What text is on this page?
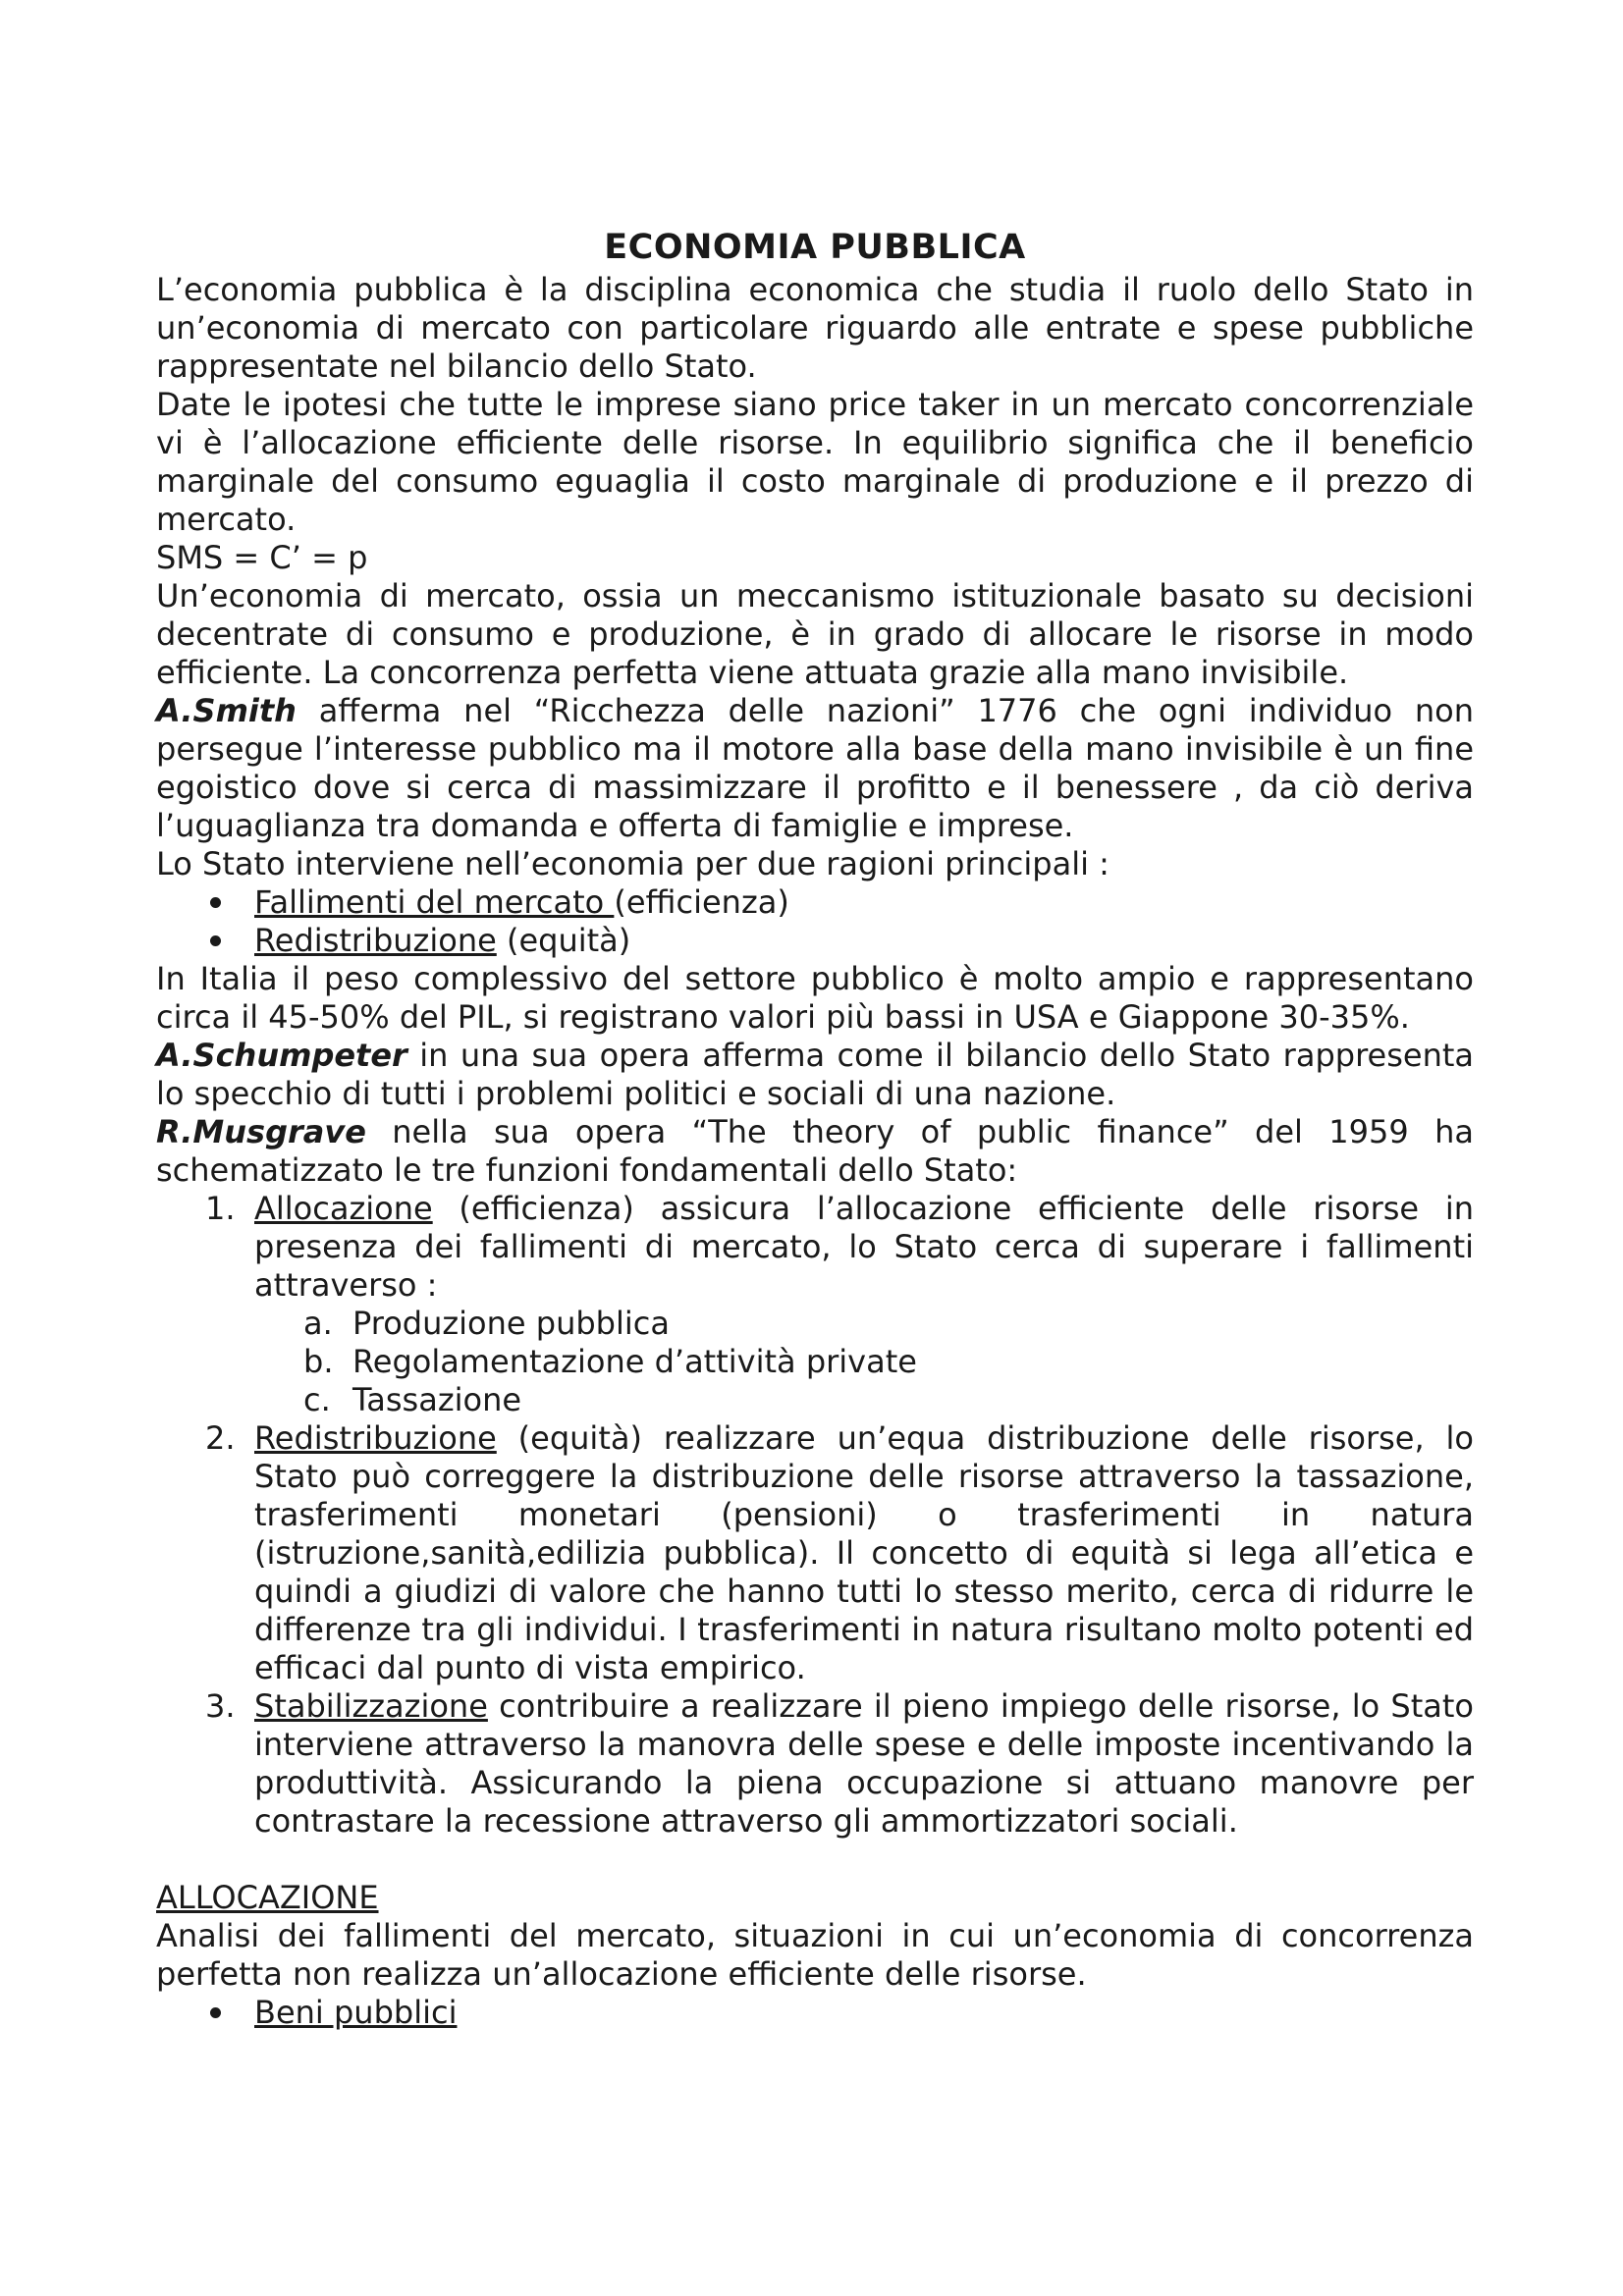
ECONOMIA PUBBLICA

L’economia pubblica è la disciplina economica che studia il ruolo dello Stato in un’economia di mercato con particolare riguardo alle entrate e spese pubbliche rappresentate nel bilancio dello Stato.

Date le ipotesi che tutte le imprese siano price taker in un mercato concorrenziale vi è l’allocazione efficiente delle risorse. In equilibrio significa che il beneficio marginale del consumo eguaglia il costo marginale di produzione e il prezzo di mercato.

SMS = C’ = p

Un’economia di mercato, ossia un meccanismo istituzionale basato su decisioni decentrate di consumo e produzione, è in grado di allocare le risorse in modo efficiente. La concorrenza perfetta viene attuata grazie alla mano invisibile.

A.Smith afferma nel “Ricchezza delle nazioni” 1776 che ogni individuo non persegue l’interesse pubblico ma il motore alla base della mano invisibile è un fine egoistico dove si cerca di massimizzare il profitto e il benessere , da ciò deriva l’uguaglianza tra domanda e offerta di famiglie e imprese.

Lo Stato interviene nell’economia per due ragioni principali :

Fallimenti del mercato (efficienza)
Redistribuzione (equità)

In Italia il peso complessivo del settore pubblico è molto ampio e rappresentano circa il 45-50% del PIL, si registrano valori più bassi in USA e Giappone 30-35%.

A.Schumpeter in una sua opera afferma come il bilancio dello Stato rappresenta lo specchio di tutti i problemi politici e sociali di una nazione.

R.Musgrave nella sua opera “The theory of public finance” del 1959 ha schematizzato le tre funzioni fondamentali dello Stato:

1. Allocazione (efficienza) assicura l’allocazione efficiente delle risorse in presenza dei fallimenti di mercato, lo Stato cerca di superare i fallimenti attraverso :
a. Produzione pubblica
b. Regolamentazione d’attività private
c. Tassazione
2. Redistribuzione (equità) realizzare un’equa distribuzione delle risorse, lo Stato può correggere la distribuzione delle risorse attraverso la tassazione, trasferimenti monetari (pensioni) o trasferimenti in natura (istruzione,sanità,edilizia pubblica). Il concetto di equità si lega all’etica e quindi a giudizi di valore che hanno tutti lo stesso merito, cerca di ridurre le differenze tra gli individui. I trasferimenti in natura risultano molto potenti ed efficaci dal punto di vista empirico.
3. Stabilizzazione contribuire a realizzare il pieno impiego delle risorse, lo Stato interviene attraverso la manovra delle spese e delle imposte incentivando la produttività. Assicurando la piena occupazione si attuano manovre per contrastare la recessione attraverso gli ammortizzatori sociali.

ALLOCAZIONE

Analisi dei fallimenti del mercato, situazioni in cui un’economia di concorrenza perfetta non realizza un’allocazione efficiente delle risorse.

Beni pubblici
